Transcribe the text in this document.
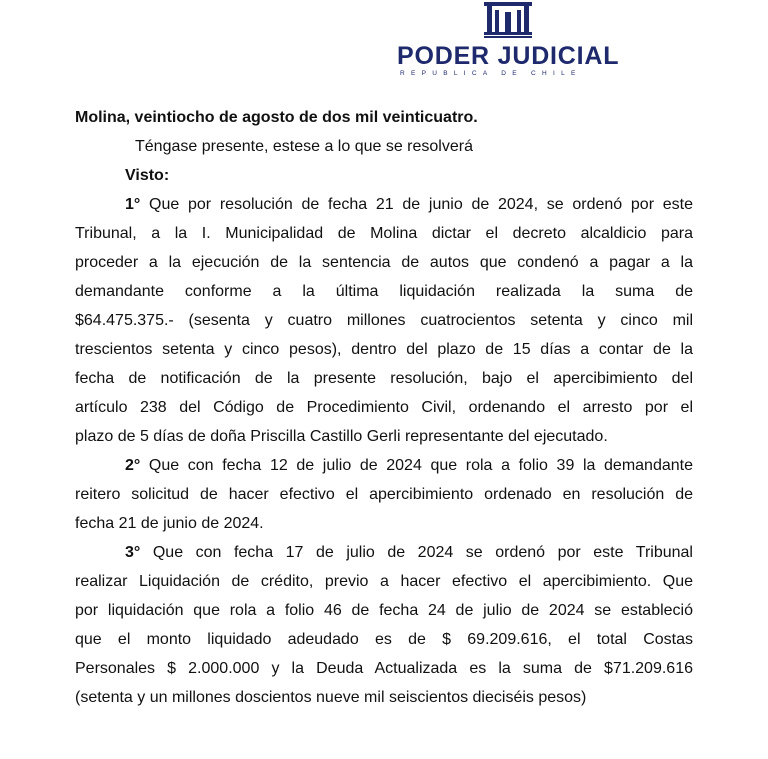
PODER JUDICIAL
REPUBLICA DE CHILE
Molina, veintiocho de agosto de dos mil veinticuatro.
Téngase presente, estese a lo que se resolverá
Visto:
1° Que por resolución de fecha 21 de junio de 2024, se ordenó por este
Tribunal, a la I. Municipalidad de Molina dictar el decreto alcaldicio para
proceder a la ejecución de la sentencia de autos que condenó a pagar a la
demandante conforme a la última liquidación realizada la suma de
$64.475.375.- (sesenta y cuatro millones cuatrocientos setenta y cinco mil
trescientos setenta y cinco pesos), dentro del plazo de 15 días a contar de la
fecha de notificación de la presente resolución, bajo el apercibimiento del
artículo 238 del Código de Procedimiento Civil, ordenando el arresto por el
plazo de 5 días de doña Priscilla Castillo Gerli representante del ejecutado.
2° Que con fecha 12 de julio de 2024 que rola a folio 39 la demandante
reitero solicitud de hacer efectivo el apercibimiento ordenado en resolución de
fecha 21 de junio de 2024.
3° Que con fecha 17 de julio de 2024 se ordenó por este Tribunal
realizar Liquidación de crédito, previo a hacer efectivo el apercibimiento. Que
por liquidación que rola a folio 46 de fecha 24 de julio de 2024 se estableció
que el monto liquidado adeudado es de $ 69.209.616, el total Costas
Personales $ 2.000.000 y la Deuda Actualizada es la suma de $71.209.616
(setenta y un millones doscientos nueve mil seiscientos dieciséis pesos)
